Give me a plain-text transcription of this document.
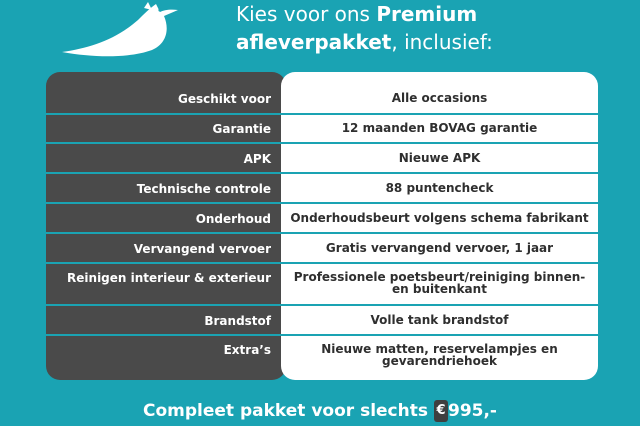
Kies voor ons Premium
afleverpakket, inclusief:
Geschikt voor	Alle occasions
Garantie	12 maanden BOVAG garantie
APK	Nieuwe APK
Technische controle	88 puntencheck
Onderhoud	Onderhoudsbeurt volgens schema fabrikant
Vervangend vervoer	Gratis vervangend vervoer, 1 jaar
Reinigen interieur & exterieur	Professionele poetsbeurt/reiniging binnen- en buitenkant
Brandstof	Volle tank brandstof
Extra’s	Nieuwe matten, reservelampjes en gevarendriehoek
Compleet pakket voor slechts € 995,-
